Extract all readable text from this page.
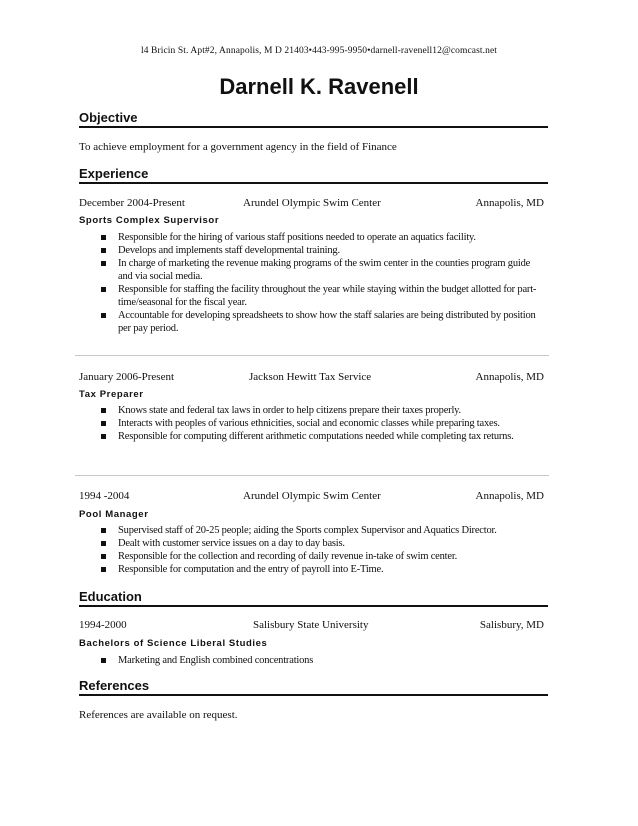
l4 Bricin St. Apt#2, Annapolis, M D 21403•443-995-9950•darnell-ravenell12@comcast.net
Darnell K. Ravenell
Objective
To achieve employment for a government agency in the field of Finance
Experience
December 2004-Present	Arundel Olympic Swim Center	Annapolis, MD
Sports Complex Supervisor
Responsible for the hiring of various staff positions needed to operate an aquatics facility.
Develops and implements staff developmental training.
In charge of marketing the revenue making programs of the swim center in the counties program guide and via social media.
Responsible for staffing the facility throughout the year while staying within the budget allotted for part-time/seasonal for the fiscal year.
Accountable for developing spreadsheets to show how the staff salaries are being distributed by position per pay period.
January 2006-Present	Jackson Hewitt Tax Service	Annapolis, MD
Tax Preparer
Knows state and federal tax laws in order to help citizens prepare their taxes properly.
Interacts with peoples of various ethnicities, social and economic classes while preparing taxes.
Responsible for computing different arithmetic computations needed while completing tax returns.
1994 -2004	Arundel Olympic Swim Center	Annapolis, MD
Pool Manager
Supervised staff of 20-25 people; aiding the Sports complex Supervisor and Aquatics Director.
Dealt with customer service issues on a day to day basis.
Responsible for the collection and recording of daily revenue in-take of swim center.
Responsible for computation and the entry of payroll into E-Time.
Education
1994-2000	Salisbury State University	Salisbury, MD
Bachelors of Science Liberal Studies
Marketing and English combined concentrations
References
References are available on request.
